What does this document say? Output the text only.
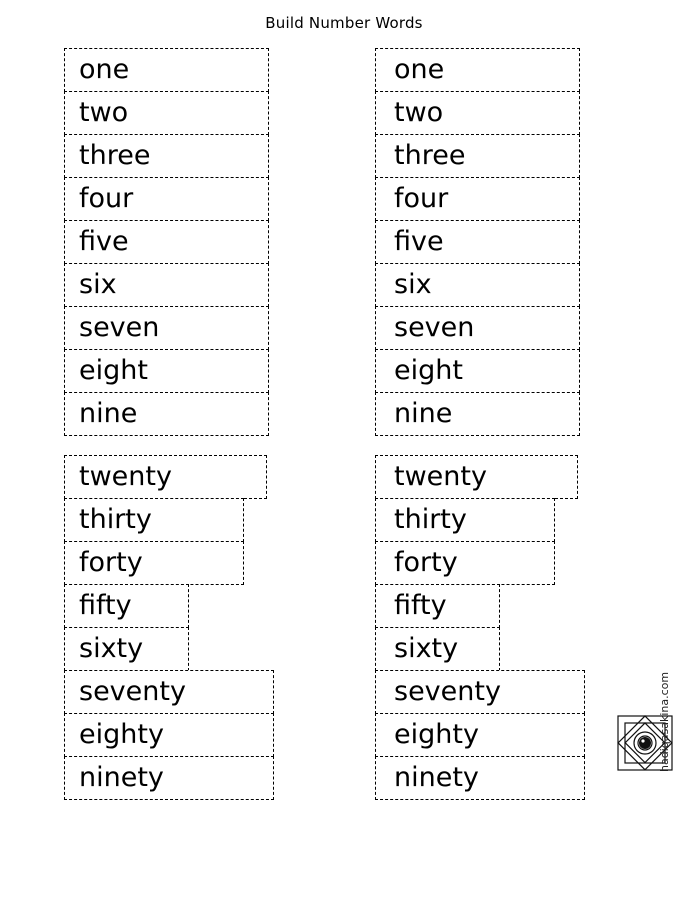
Build Number Words
one
two
three
four
five
six
seven
eight
nine
twenty
thirty
forty
fifty
sixty
seventy
eighty
ninety
one
two
three
four
five
six
seven
eight
nine
twenty
thirty
forty
fifty
sixty
seventy
eighty
ninety
hadiqasakina.com
